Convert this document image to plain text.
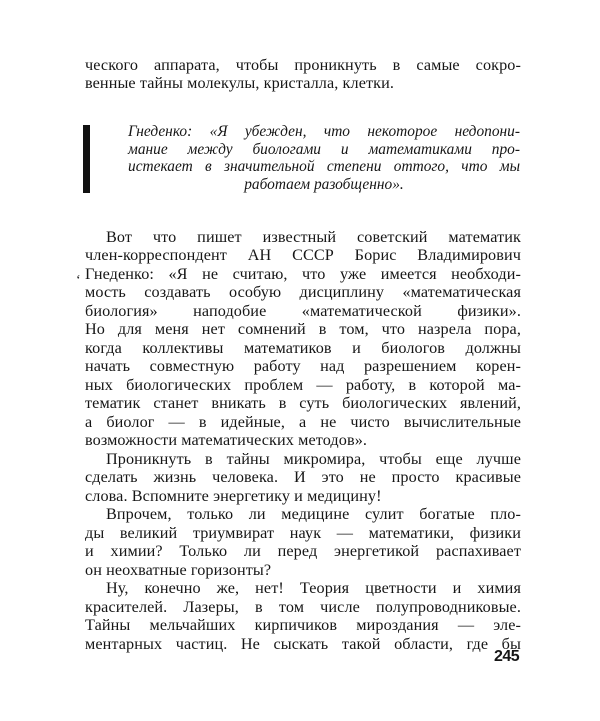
ческого аппарата, чтобы проникнуть в самые сокро-
венные тайны молекулы, кристалла, клетки.
Гнеденко: «Я убежден, что некоторое недопони-
мание между биологами и математиками про-
истекает в значительной степени оттого, что мы
работаем разобщенно».
ʻ
Вот что пишет известный советский математик
член-корреспондент АН СССР Борис Владимирович
Гнеденко: «Я не считаю, что уже имеется необходи-
мость создавать особую дисциплину «математическая
биология» наподобие «математической физики».
Но для меня нет сомнений в том, что назрела пора,
когда коллективы математиков и биологов должны
начать совместную работу над разрешением корен-
ных биологических проблем — работу, в которой ма-
тематик станет вникать в суть биологических явлений,
а биолог — в идейные, а не чисто вычислительные
возможности математических методов».
Проникнуть в тайны микромира, чтобы еще лучше
сделать жизнь человека. И это не просто красивые
слова. Вспомните энергетику и медицину!
Впрочем, только ли медицине сулит богатые пло-
ды великий триумвират наук — математики, физики
и химии? Только ли перед энергетикой распахивает
он неохватные горизонты?
Ну, конечно же, нет! Теория цветности и химия
красителей. Лазеры, в том числе полупроводниковые.
Тайны мельчайших кирпичиков мироздания — эле-
ментарных частиц. Не сыскать такой области, где бы
245
